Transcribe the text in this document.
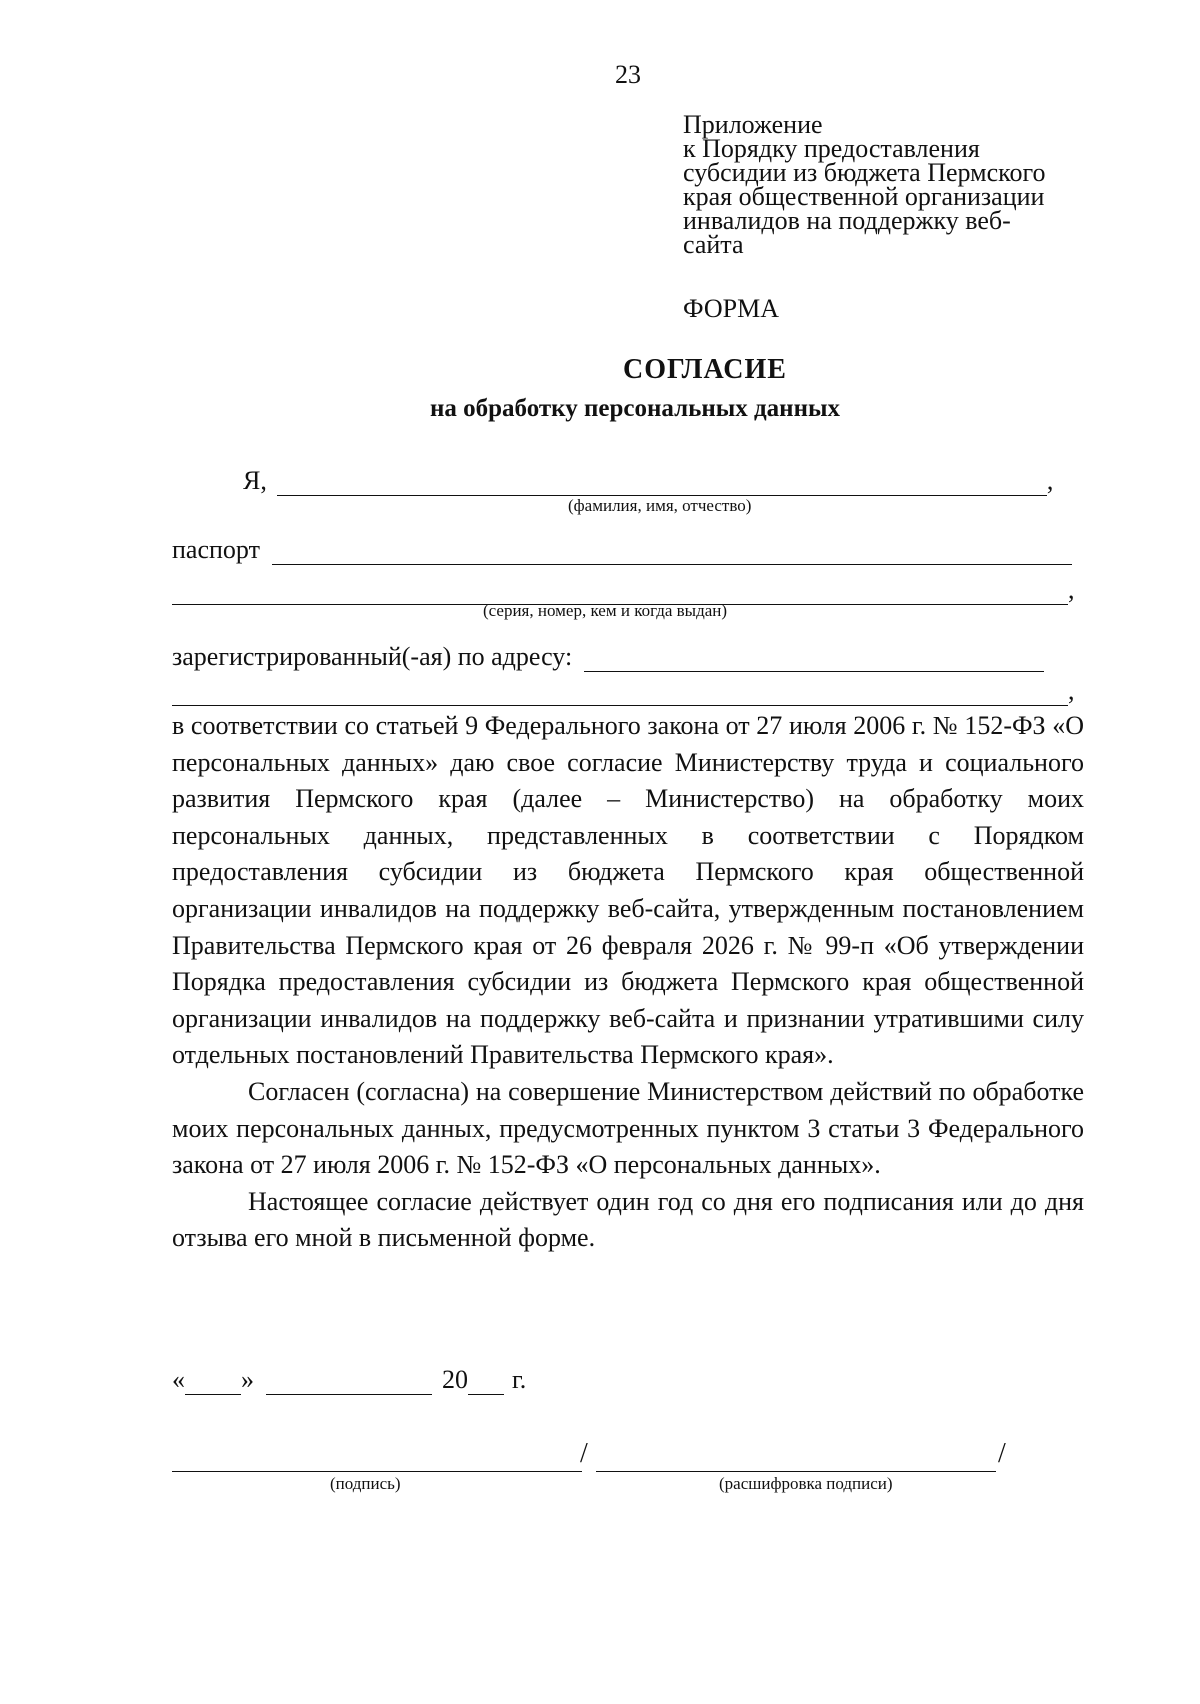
23
Приложение
к Порядку предоставления
субсидии из бюджета Пермского
края общественной организации
инвалидов на поддержку веб-
сайта
ФОРМА
СОГЛАСИЕ
на обработку персональных данных
Я,	,
(фамилия, имя, отчество)
паспорт
,
(серия, номер, кем и когда выдан)
зарегистрированный(-ая) по адресу:
,

в соответствии со статьей 9 Федерального закона от 27 июля 2006 г. № 152-ФЗ «О персональных данных» даю свое согласие Министерству труда и социального развития Пермского края (далее – Министерство) на обработку моих персональных данных, представленных в соответствии с Порядком предоставления субсидии из бюджета Пермского края общественной организации инвалидов на поддержку веб-сайта, утвержденным постановлением Правительства Пермского края от 26 февраля 2026 г. № 99-п «Об утверждении Порядка предоставления субсидии из бюджета Пермского края общественной организации инвалидов на поддержку веб-сайта и признании утратившими силу отдельных постановлений Правительства Пермского края».

Согласен (согласна) на совершение Министерством действий по обработке моих персональных данных, предусмотренных пунктом 3 статьи 3 Федерального закона от 27 июля 2006 г. № 152-ФЗ «О персональных данных».

Настоящее согласие действует один год со дня его подписания или до дня отзыва его мной в письменной форме.

« »	20 г.
/	/
(подпись)	(расшифровка подписи)
